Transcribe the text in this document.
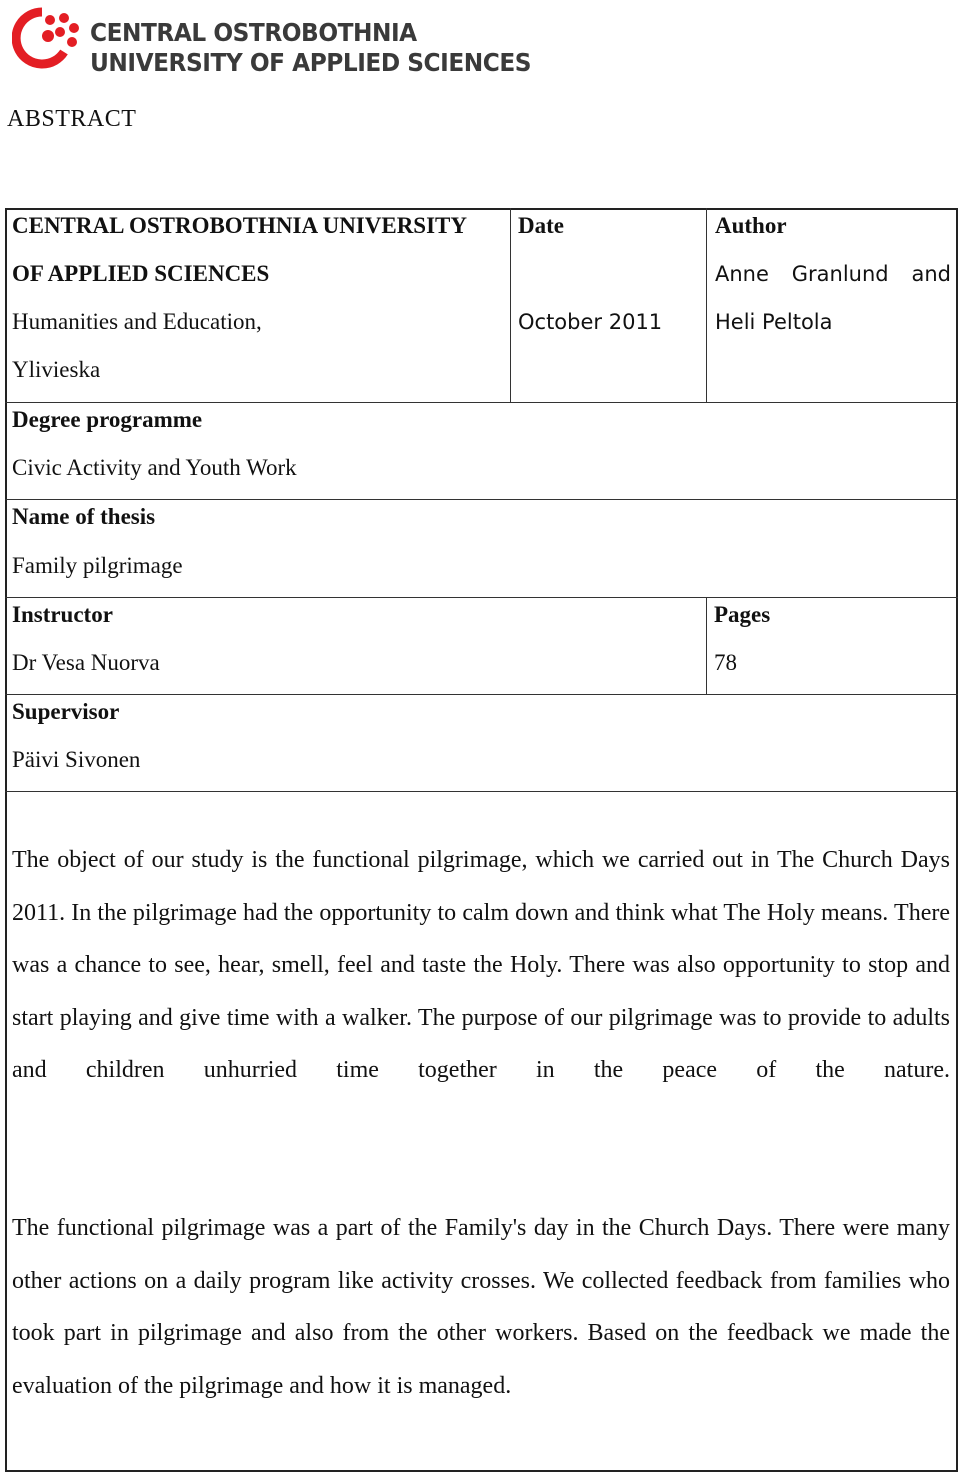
CENTRAL OSTROBOTHNIA
UNIVERSITY OF APPLIED SCIENCES
ABSTRACT
CENTRAL OSTROBOTHNIA UNIVERSITY
OF APPLIED SCIENCES
Humanities and Education,
Ylivieska
Date
October 2011
Author
Anne Granlund and
Heli Peltola
Degree programme
Civic Activity and Youth Work
Name of thesis
Family pilgrimage
Instructor
Dr Vesa Nuorva
Pages
78
Supervisor
Päivi Sivonen
The object of our study is the functional pilgrimage, which we carried out in The Church Days 2011. In the pilgrimage had the opportunity to calm down and think what The Holy means. There was a chance to see, hear, smell, feel and taste the Holy. There was also opportunity to stop and start playing and give time with a walker. The purpose of our pilgrimage was to provide to adults and children unhurried time together in the peace of the nature.
The functional pilgrimage was a part of the Family's day in the Church Days. There were many other actions on a daily program like activity crosses. We collected feedback from families who took part in pilgrimage and also from the other workers. Based on the feedback we made the evaluation of the pilgrimage and how it is managed.
